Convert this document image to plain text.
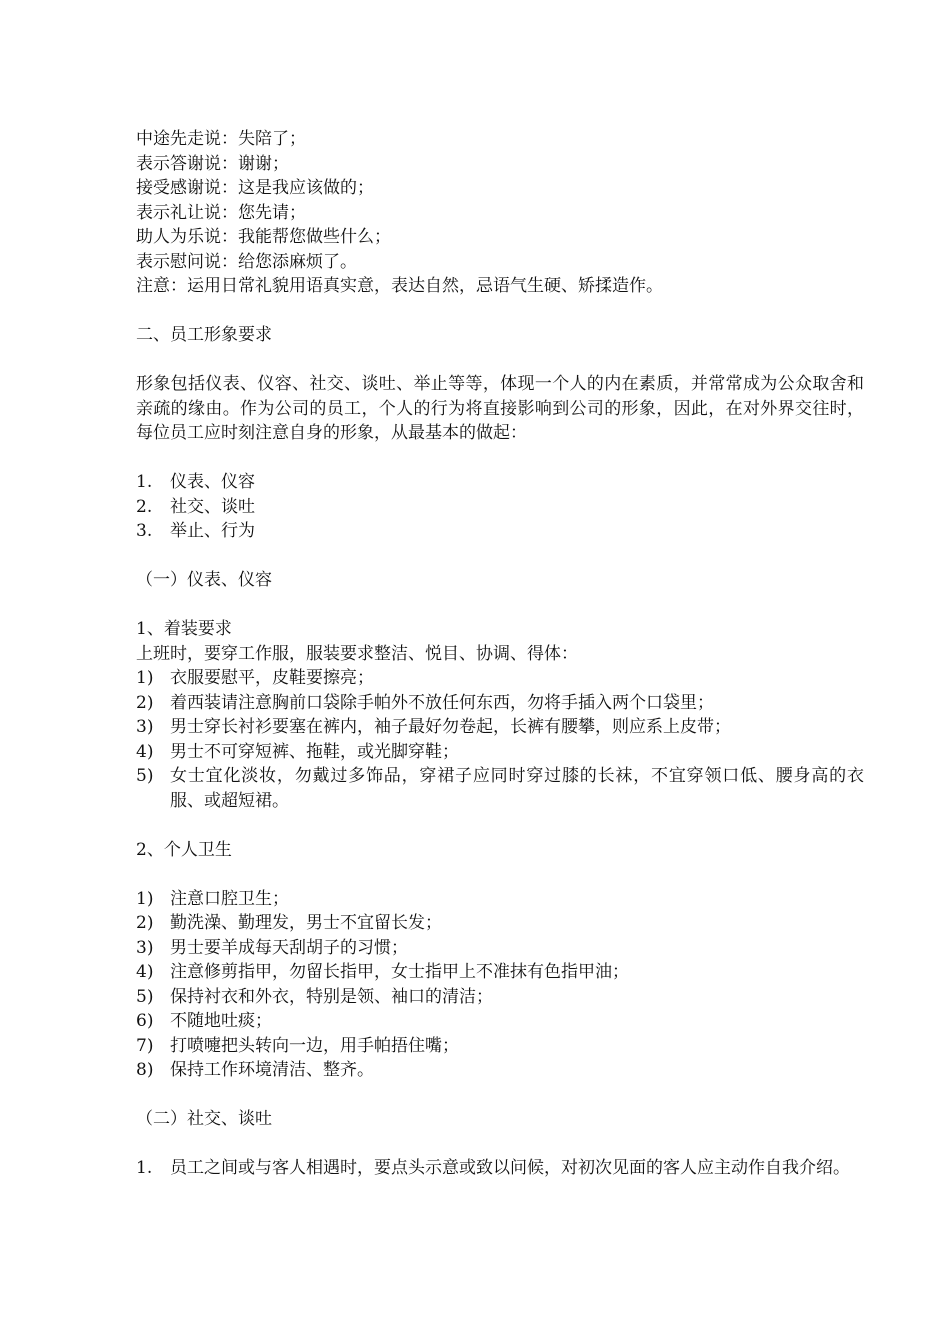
中途先走说：失陪了；
表示答谢说：谢谢；
接受感谢说：这是我应该做的；
表示礼让说：您先请；
助人为乐说：我能帮您做些什么；
表示慰问说：给您添麻烦了。
注意：运用日常礼貌用语真实意，表达自然，忌语气生硬、矫揉造作。
二、员工形象要求
形象包括仪表、仪容、社交、谈吐、举止等等，体现一个人的内在素质，并常常成为公众取舍和亲疏的缘由。作为公司的员工，个人的行为将直接影响到公司的形象，因此，在对外界交往时，每位员工应时刻注意自身的形象，从最基本的做起：
1.	仪表、仪容
2.	社交、谈吐
3.	举止、行为
（一）仪表、仪容
1、着装要求
上班时，要穿工作服，服装要求整洁、悦目、协调、得体：
1) 衣服要慰平，皮鞋要擦亮；
2) 着西装请注意胸前口袋除手帕外不放任何东西，勿将手插入两个口袋里；
3) 男士穿长衬衫要塞在裤内，袖子最好勿卷起，长裤有腰攀，则应系上皮带；
4) 男士不可穿短裤、拖鞋，或光脚穿鞋；
5) 女士宜化淡妆，勿戴过多饰品，穿裙子应同时穿过膝的长袜，不宜穿领口低、腰身高的衣服、或超短裙。
2、个人卫生
1) 注意口腔卫生；
2) 勤洗澡、勤理发，男士不宜留长发；
3) 男士要羊成每天刮胡子的习惯；
4) 注意修剪指甲，勿留长指甲，女士指甲上不准抹有色指甲油；
5) 保持衬衣和外衣，特别是领、袖口的清洁；
6) 不随地吐痰；
7) 打喷嚏把头转向一边，用手帕捂住嘴；
8) 保持工作环境清洁、整齐。
（二）社交、谈吐
1.	员工之间或与客人相遇时，要点头示意或致以问候，对初次见面的客人应主动作自我介绍。
